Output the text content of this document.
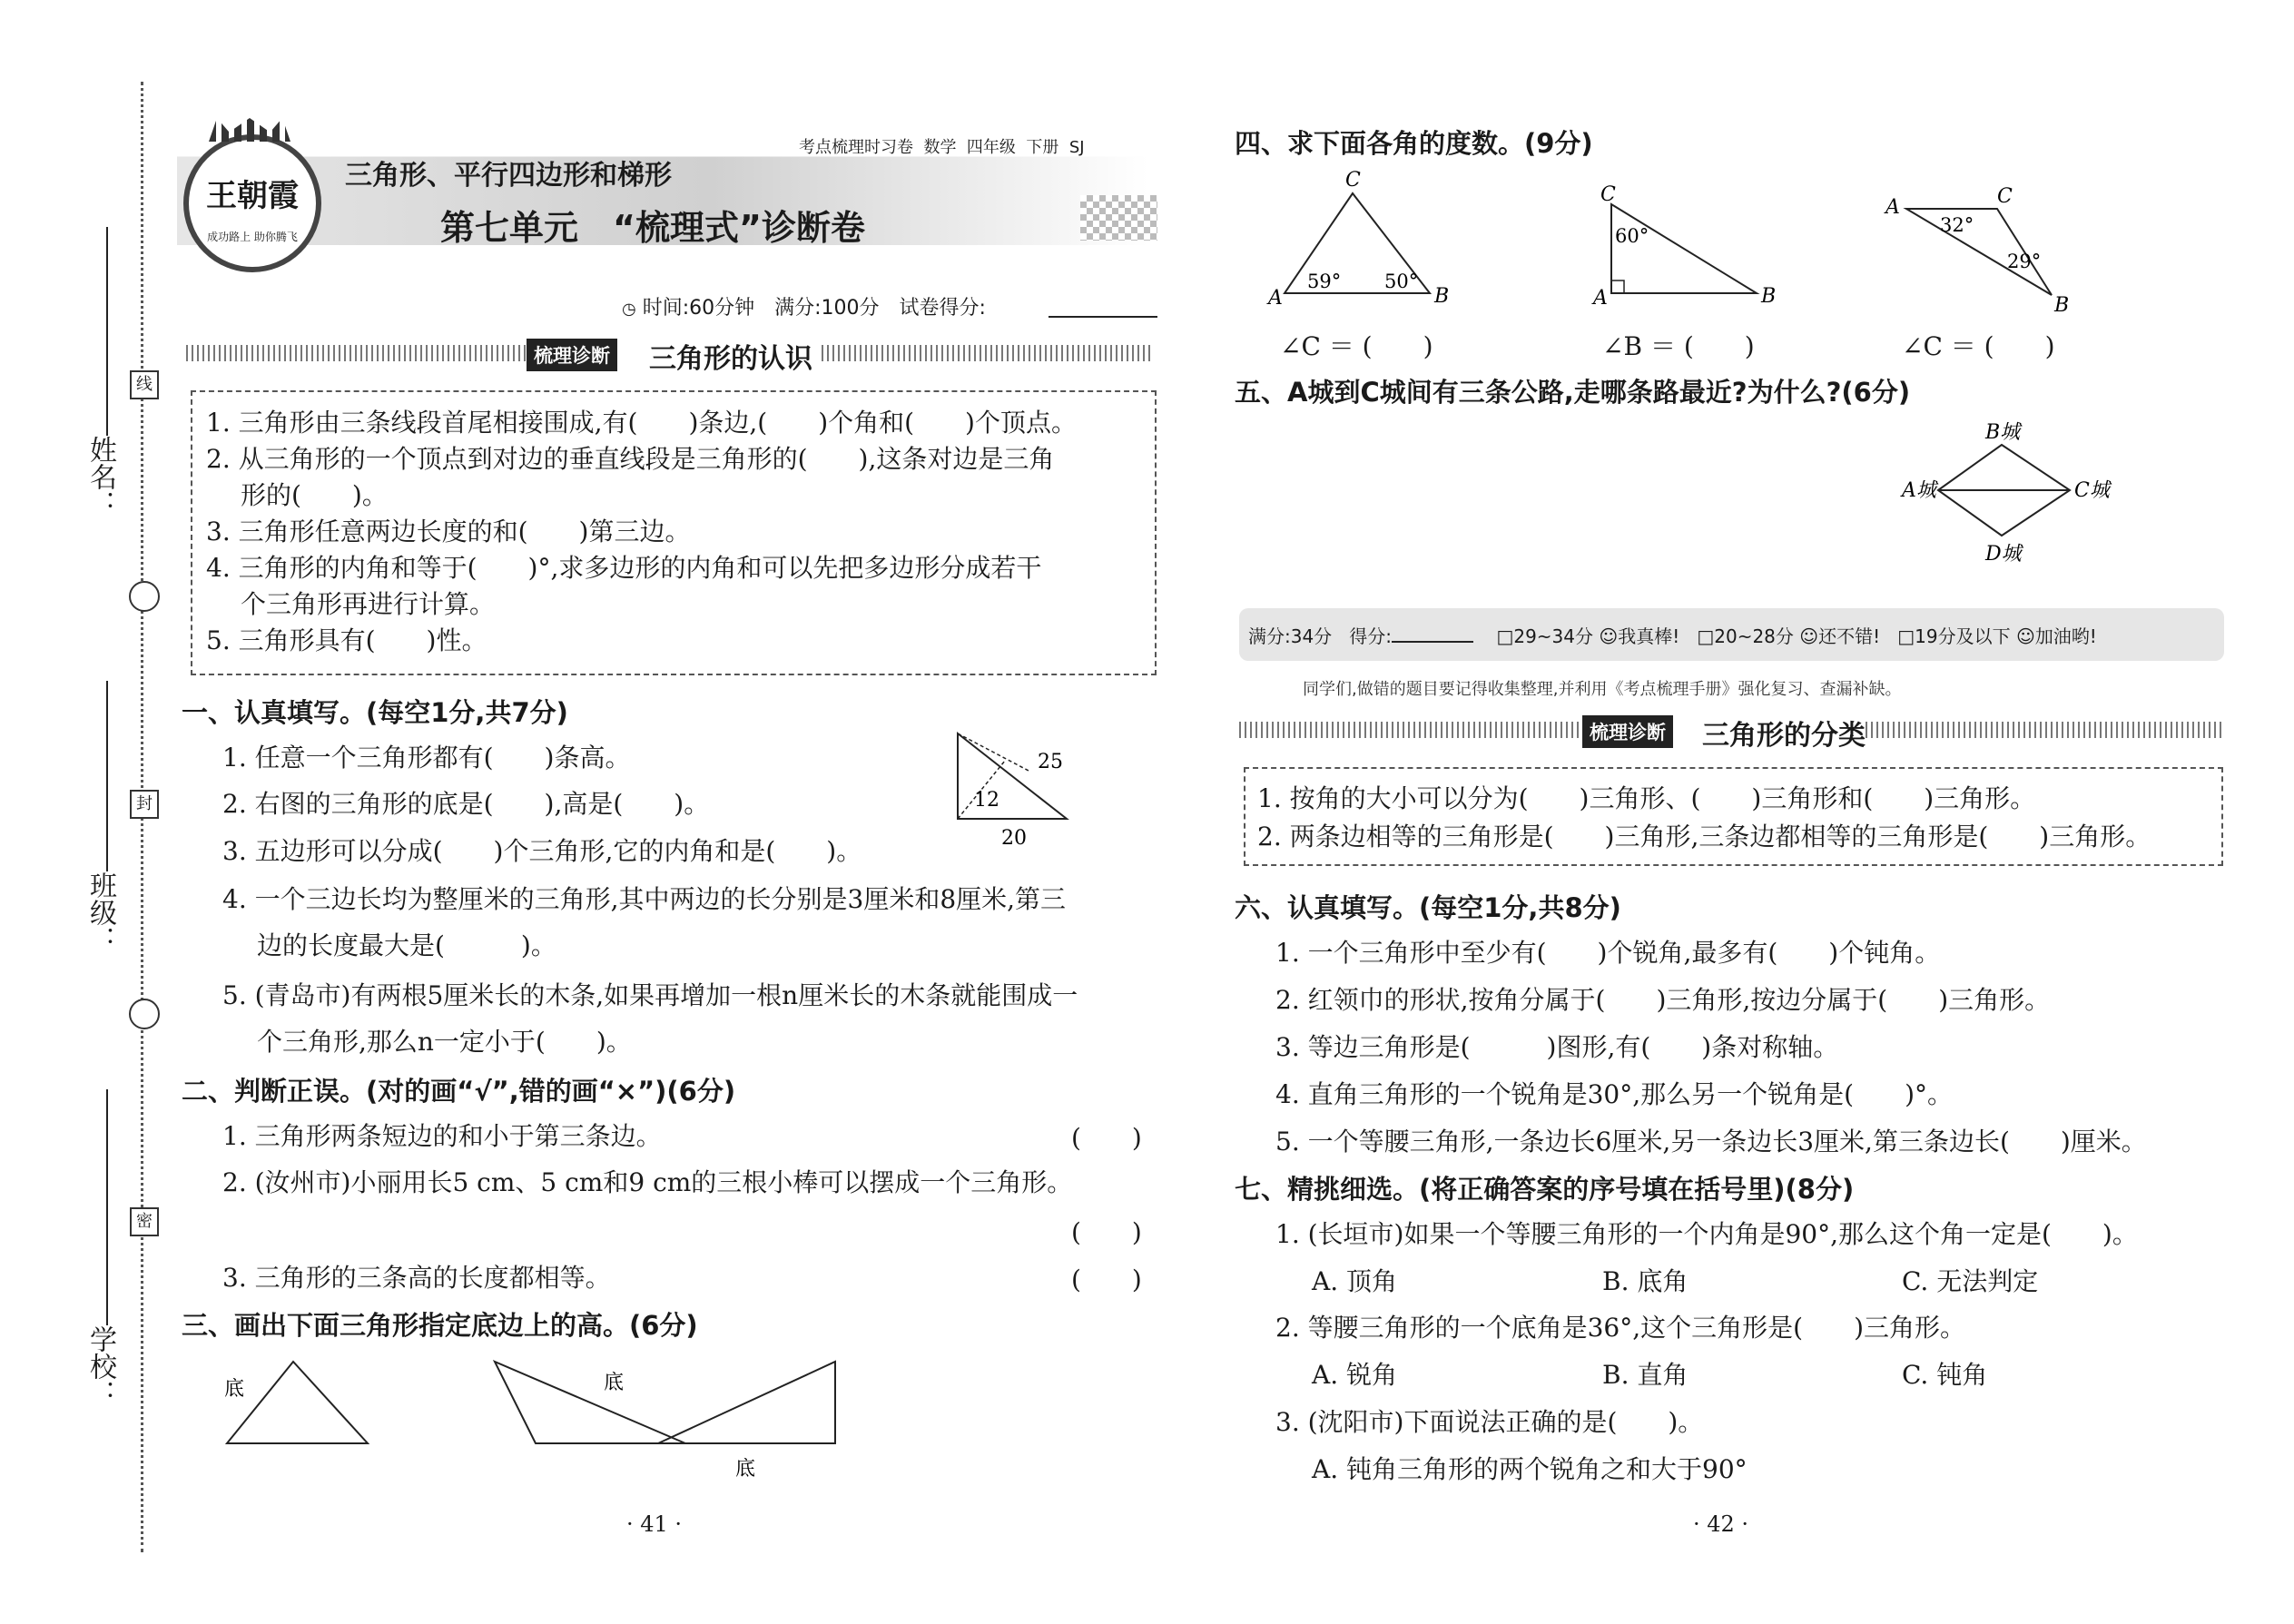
姓名：
班级：
学校：
线
封
密
王朝霞
成功路上 助你腾飞
考点梳理时习卷 数学 四年级 下册 SJ
三角形、平行四边形和梯形
第七单元　“梳理式”诊断卷
◷ 时间:60分钟　满分:100分　试卷得分:
梳理诊断 三角形的认识
1. 三角形由三条线段首尾相接围成,有(　　)条边,(　　)个角和(　　)个顶点。
2. 从三角形的一个顶点到对边的垂直线段是三角形的(　　),这条对边是三角
形的(　　)。
3. 三角形任意两边长度的和(　　)第三边。
4. 三角形的内角和等于(　　)°,求多边形的内角和可以先把多边形分成若干
个三角形再进行计算。
5. 三角形具有(　　)性。
一、认真填写。(每空1分,共7分)
1. 任意一个三角形都有(　　)条高。
2. 右图的三角形的底是(　　),高是(　　)。
3. 五边形可以分成(　　)个三角形,它的内角和是(　　)。
4. 一个三边长均为整厘米的三角形,其中两边的长分别是3厘米和8厘米,第三
边的长度最大是(　　　)。
5. (青岛市)有两根5厘米长的木条,如果再增加一根n厘米长的木条就能围成一
个三角形,那么n一定小于(　　)。
25
12
20
二、判断正误。(对的画“√”,错的画“×”)(6分)
1. 三角形两条短边的和小于第三条边。	(　　)
2. (汝州市)小丽用长5 cm、5 cm和9 cm的三根小棒可以摆成一个三角形。
(　　)
3. 三角形的三条高的长度都相等。	(　　)
三、画出下面三角形指定底边上的高。(6分)
底	底
底
· 41 ·
四、求下面各角的度数。(9分)
C
A	B
59° 50°
C
A	B
60°
A	C
B
32°
29°
∠C ＝ (　　)	∠B ＝ (　　)	∠C ＝ (　　)
五、A城到C城间有三条公路,走哪条路最近?为什么?(6分)
A城
B城
C城
D城
满分:34分 得分:	□29~34分 ☺我真棒! □20~28分 ☺还不错! □19分及以下 ☺加油哟!
同学们,做错的题目要记得收集整理,并利用《考点梳理手册》强化复习、查漏补缺。
梳理诊断 三角形的分类
1. 按角的大小可以分为(　　)三角形、(　　)三角形和(　　)三角形。
2. 两条边相等的三角形是(　　)三角形,三条边都相等的三角形是(　　)三角形。
六、认真填写。(每空1分,共8分)
1. 一个三角形中至少有(　　)个锐角,最多有(　　)个钝角。
2. 红领巾的形状,按角分属于(　　)三角形,按边分属于(　　)三角形。
3. 等边三角形是(　　　)图形,有(　　)条对称轴。
4. 直角三角形的一个锐角是30°,那么另一个锐角是(　　)°。
5. 一个等腰三角形,一条边长6厘米,另一条边长3厘米,第三条边长(　　)厘米。
七、精挑细选。(将正确答案的序号填在括号里)(8分)
1. (长垣市)如果一个等腰三角形的一个内角是90°,那么这个角一定是(　　)。
A. 顶角	B. 底角	C. 无法判定
2. 等腰三角形的一个底角是36°,这个三角形是(　　)三角形。
A. 锐角	B. 直角	C. 钝角
3. (沈阳市)下面说法正确的是(　　)。
A. 钝角三角形的两个锐角之和大于90°
· 42 ·
